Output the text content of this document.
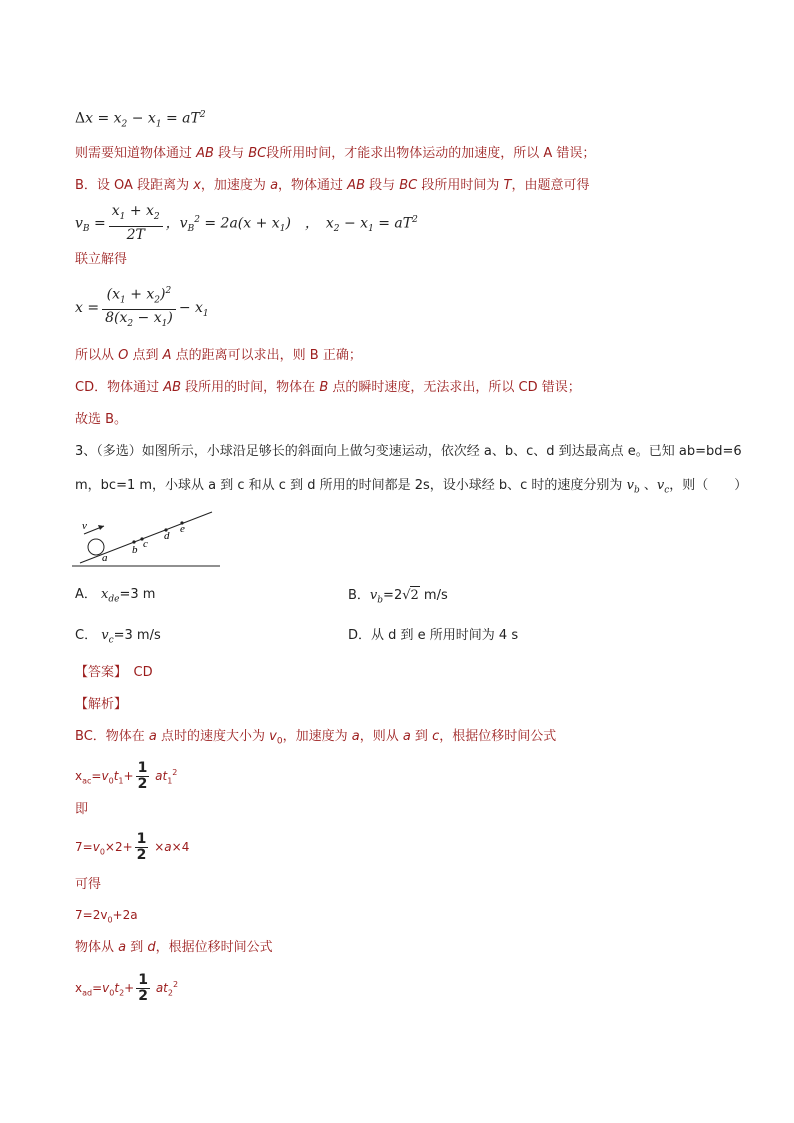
$\Delta x = x_2 - x_1 = aT^2$
则需要知道物体通过 AB 段与 BC段所用时间，才能求出物体运动的加速度，所以 A 错误；
B．设 OA 段距离为 x，加速度为 a，物体通过 AB 段与 BC 段所用时间为 T，由题意可得
$v_B = \frac{x_1 + x_2}{2T}$ ，$v_B^2 = 2a(x + x_1)$　，　$x_2 - x_1 = aT^2$
联立解得
$x = \frac{(x_1 + x_2)^2}{8(x_2 - x_1)} - x_1$
所以从 O 点到 A 点的距离可以求出，则 B 正确；
CD．物体通过 AB 段所用的时间，物体在 B 点的瞬时速度，无法求出，所以 CD 错误；
故选 B。
3、（多选）如图所示，小球沿足够长的斜面向上做匀变速运动，依次经 a、b、c、d 到达最高点 e。已知 ab=bd=6
m，bc=1 m，小球从 a 到 c 和从 c 到 d 所用的时间都是 2s，设小球经 b、c 时的速度分别为 $v_b$ 、$v_c$，则（　　）
v
a
b c
d
e
A． $x_{de}=3$ m	B．$v_b=2√2$ m/s
C． $v_c=3$ m/s	D．从 d 到 e 所用时间为 4 s
【答案】　 CD
【解析】
BC．物体在 a 点时的速度大小为 $v_0$，加速度为 a，则从 a 到 c，根据位移时间公式
$x_{ac}=v_0t_1+ \frac{1}{2} at_1^2$
即
$7=v_0\times 2+ \frac{1}{2} \times a\times 4$
可得
$7=2v_0+2a$
物体从 a 到 d，根据位移时间公式
$x_{ad}=v_0t_2+ \frac{1}{2} at_2^2$
